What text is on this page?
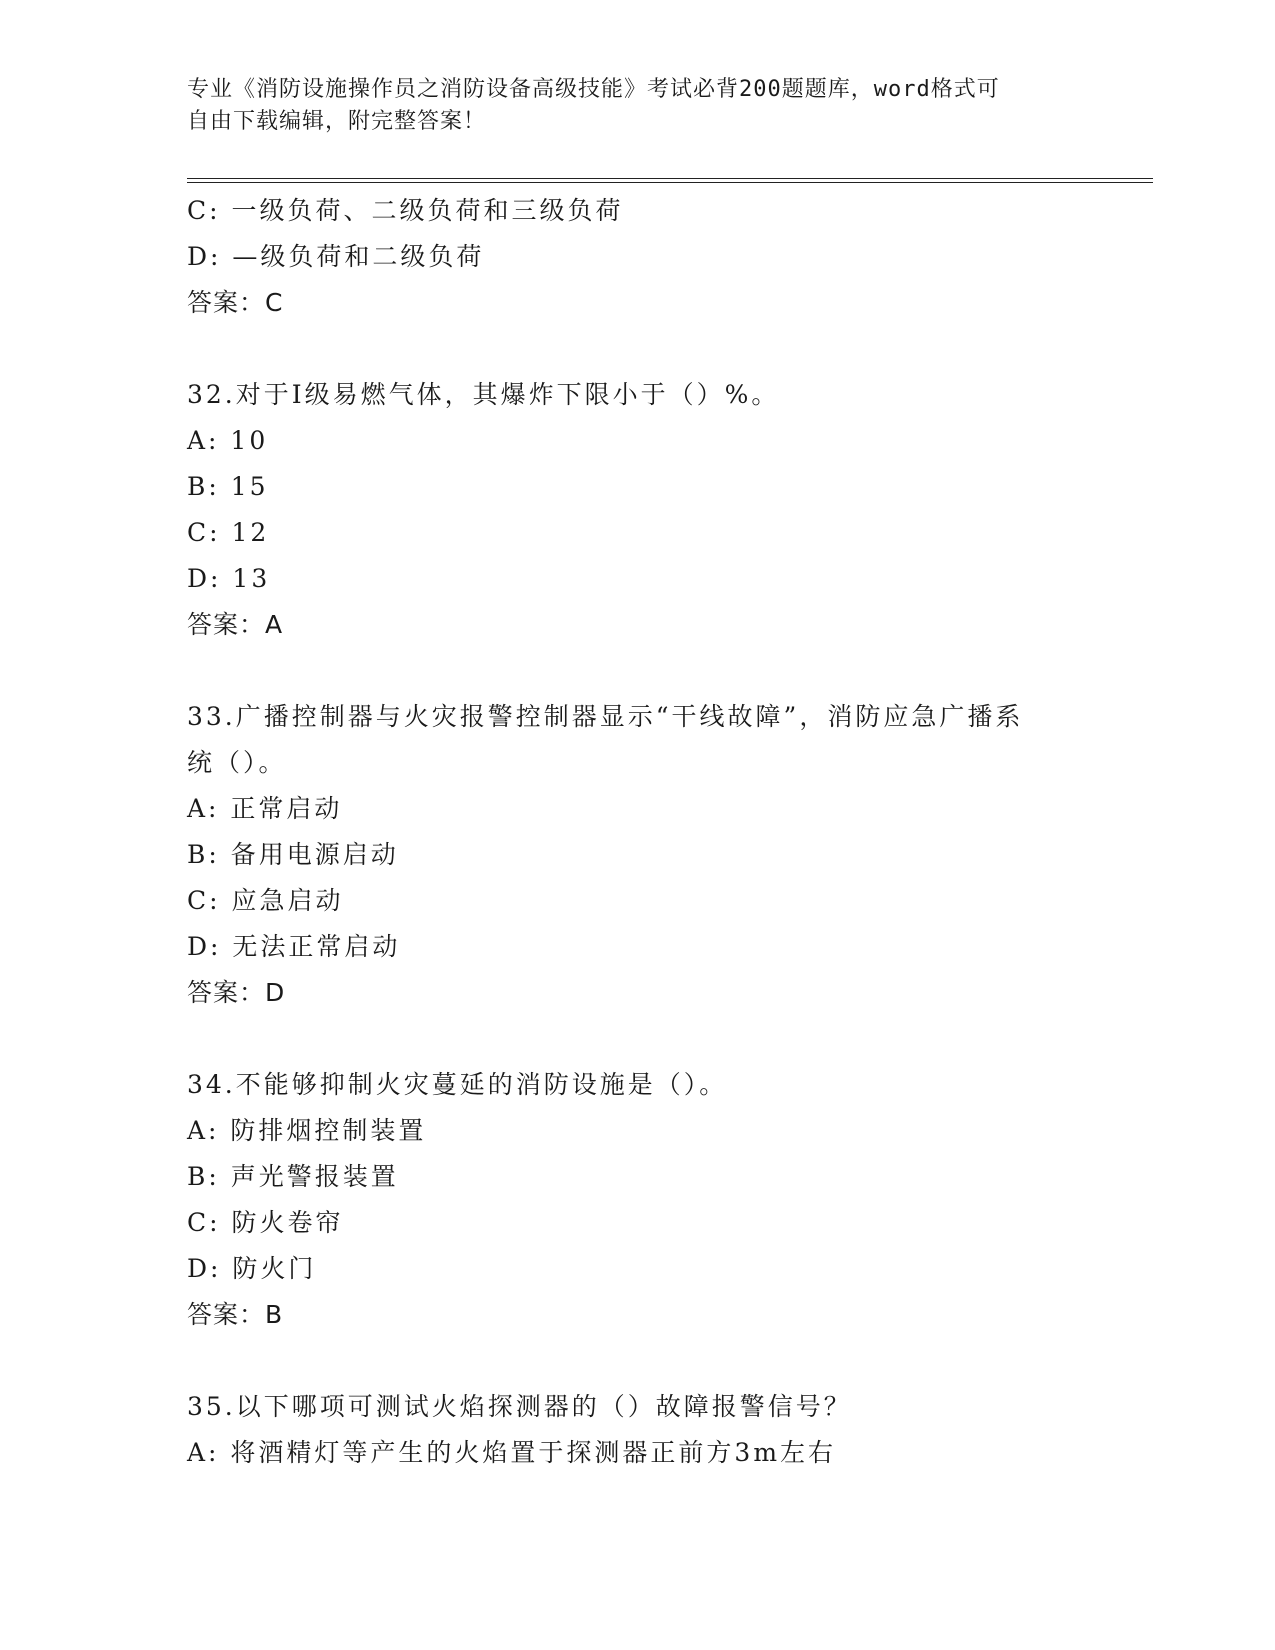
专业《消防设施操作员之消防设备高级技能》考试必背200题题库，word格式可
自由下载编辑，附完整答案！
C: 一级负荷、二级负荷和三级负荷
D: —级负荷和二级负荷
答案：C
32.对于Ⅰ级易燃气体，其爆炸下限小于（）%。
A: 10
B: 15
C: 12
D: 13
答案：A
33.广播控制器与火灾报警控制器显示“干线故障”，消防应急广播系
统（）。
A: 正常启动
B: 备用电源启动
C: 应急启动
D: 无法正常启动
答案：D
34.不能够抑制火灾蔓延的消防设施是（）。
A: 防排烟控制装置
B: 声光警报装置
C: 防火卷帘
D: 防火门
答案：B
35.以下哪项可测试火焰探测器的（）故障报警信号？
A: 将酒精灯等产生的火焰置于探测器正前方3m左右
